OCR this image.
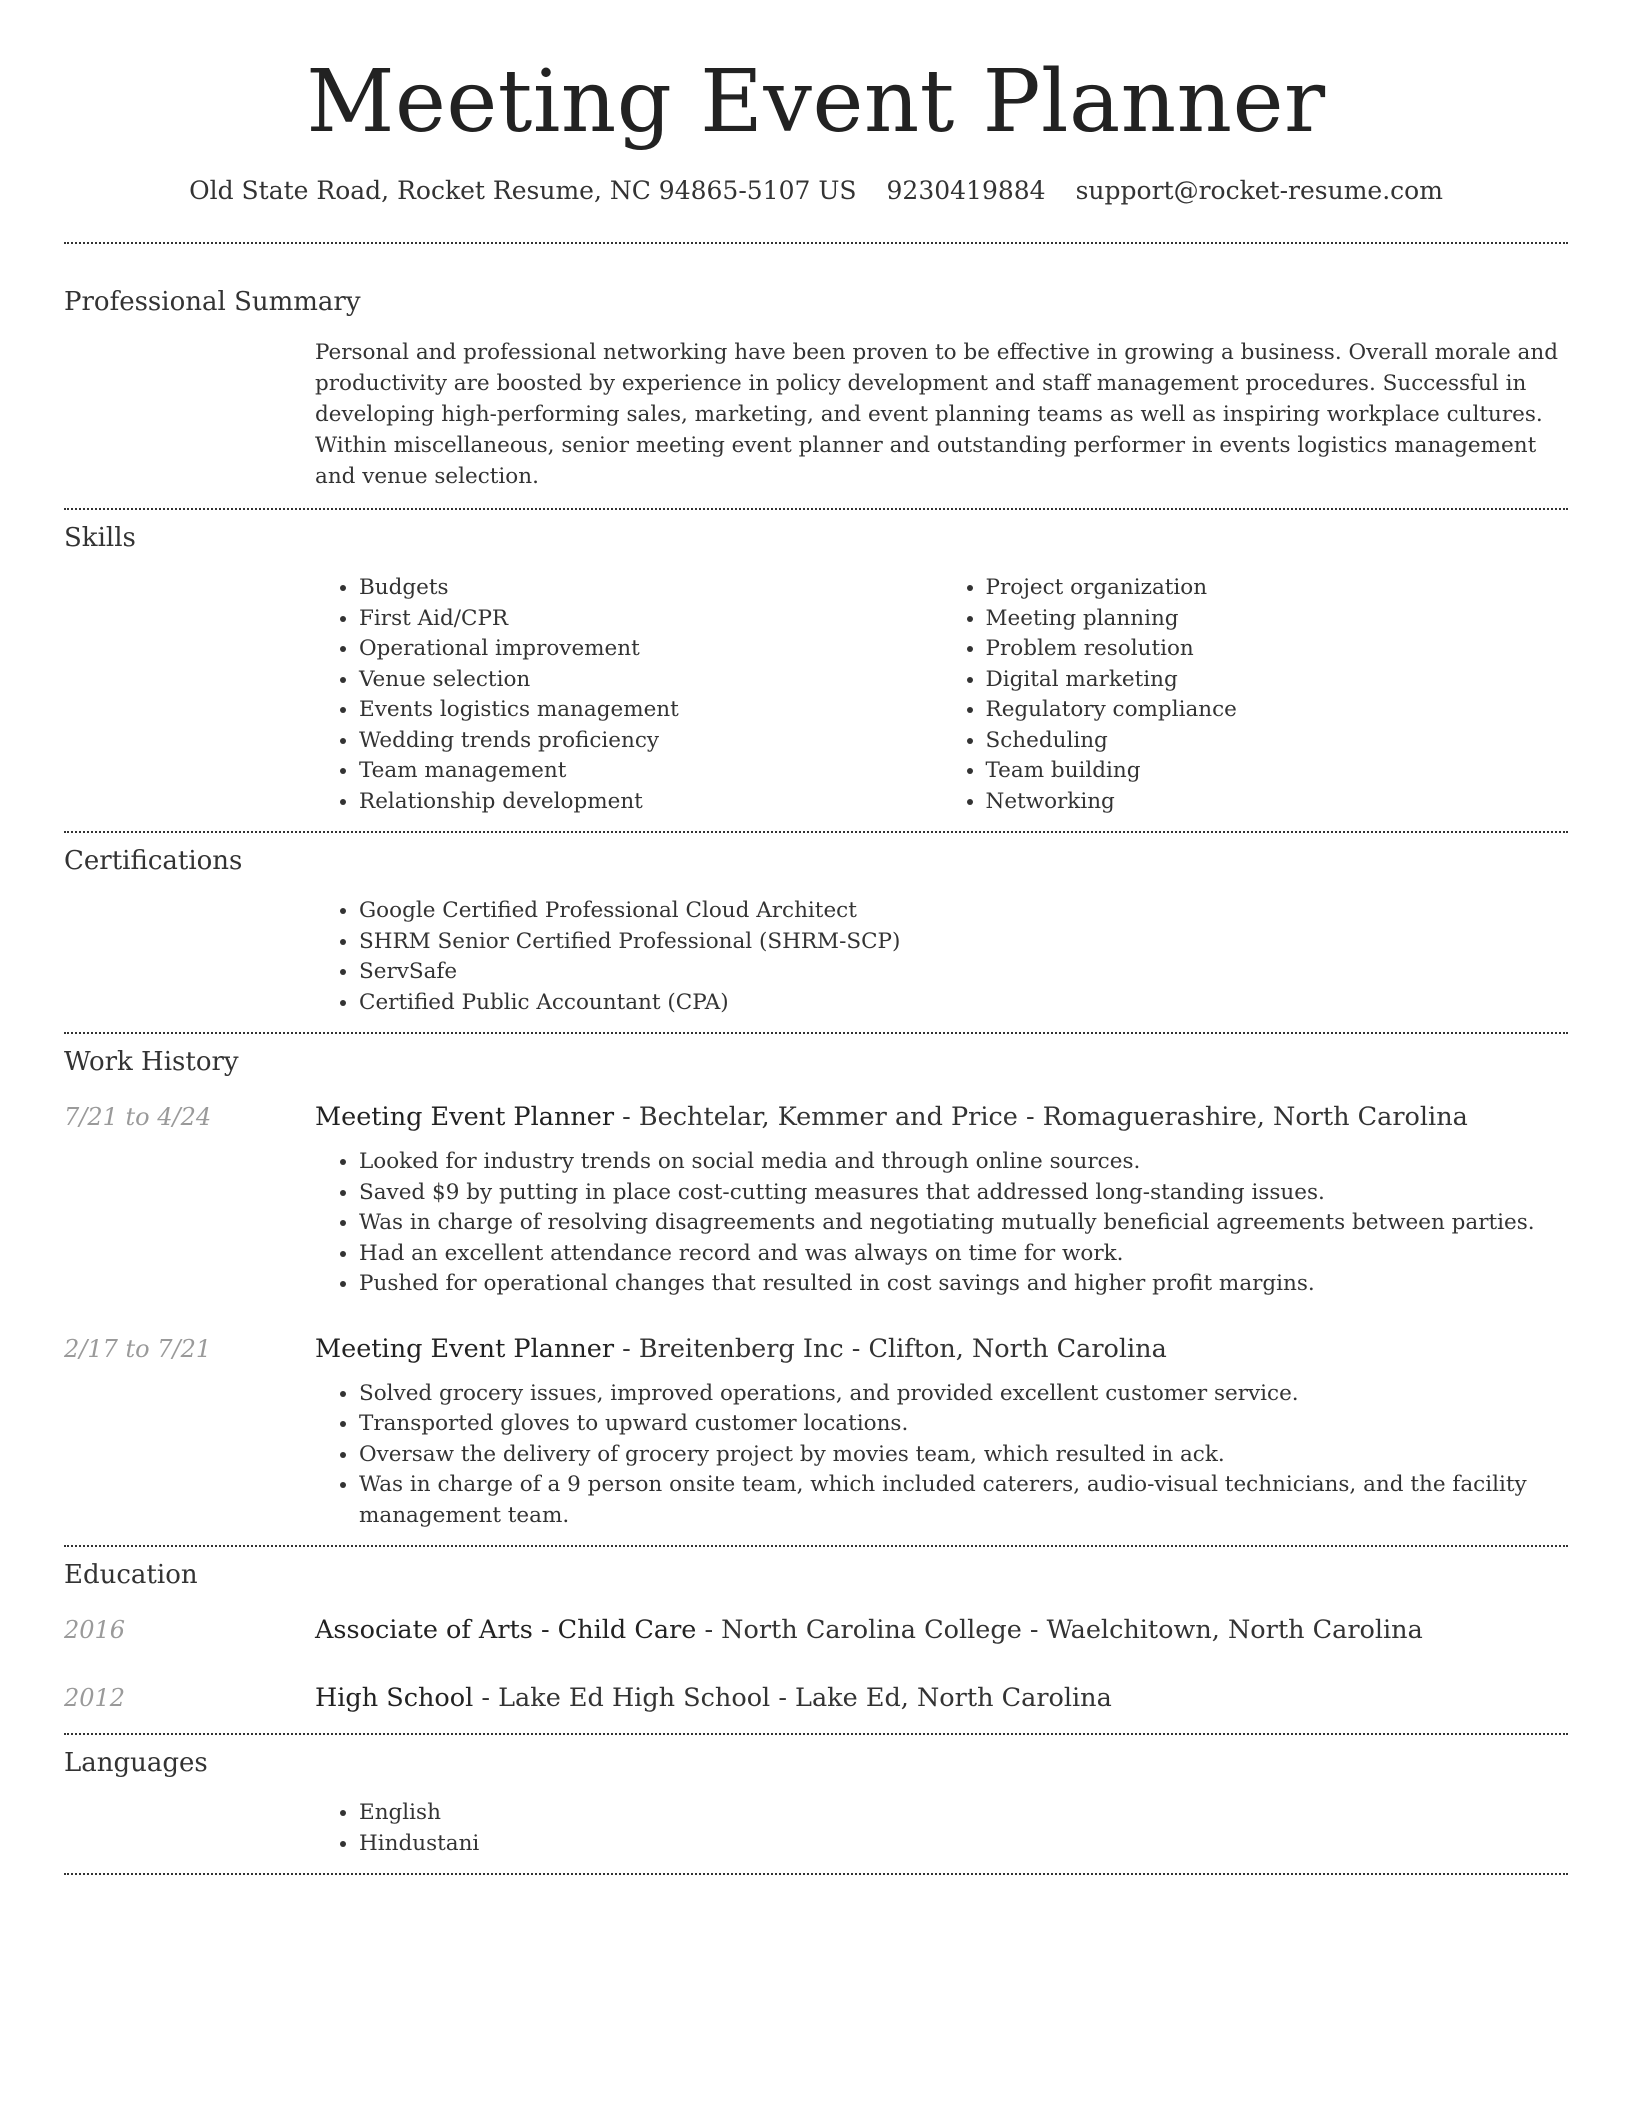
Meeting Event Planner
Old State Road, Rocket Resume, NC 94865-5107 US 9230419884 support@rocket-resume.com
Professional Summary
Personal and professional networking have been proven to be effective in growing a business. Overall morale and productivity are boosted by experience in policy development and staff management procedures. Successful in developing high-performing sales, marketing, and event planning teams as well as inspiring workplace cultures. Within miscellaneous, senior meeting event planner and outstanding performer in events logistics management and venue selection.
Skills
• Budgets
• First Aid/CPR
• Operational improvement
• Venue selection
• Events logistics management
• Wedding trends proficiency
• Team management
• Relationship development
• Project organization
• Meeting planning
• Problem resolution
• Digital marketing
• Regulatory compliance
• Scheduling
• Team building
• Networking
Certifications
• Google Certified Professional Cloud Architect
• SHRM Senior Certified Professional (SHRM-SCP)
• ServSafe
• Certified Public Accountant (CPA)
Work History
7/21 to 4/24	Meeting Event Planner - Bechtelar, Kemmer and Price - Romaguerashire, North Carolina
• Looked for industry trends on social media and through online sources.
• Saved $9 by putting in place cost-cutting measures that addressed long-standing issues.
• Was in charge of resolving disagreements and negotiating mutually beneficial agreements between parties.
• Had an excellent attendance record and was always on time for work.
• Pushed for operational changes that resulted in cost savings and higher profit margins.
2/17 to 7/21	Meeting Event Planner - Breitenberg Inc - Clifton, North Carolina
• Solved grocery issues, improved operations, and provided excellent customer service.
• Transported gloves to upward customer locations.
• Oversaw the delivery of grocery project by movies team, which resulted in ack.
• Was in charge of a 9 person onsite team, which included caterers, audio-visual technicians, and the facility management team.
Education
2016	Associate of Arts - Child Care - North Carolina College - Waelchitown, North Carolina
2012	High School - Lake Ed High School - Lake Ed, North Carolina
Languages
• English
• Hindustani
